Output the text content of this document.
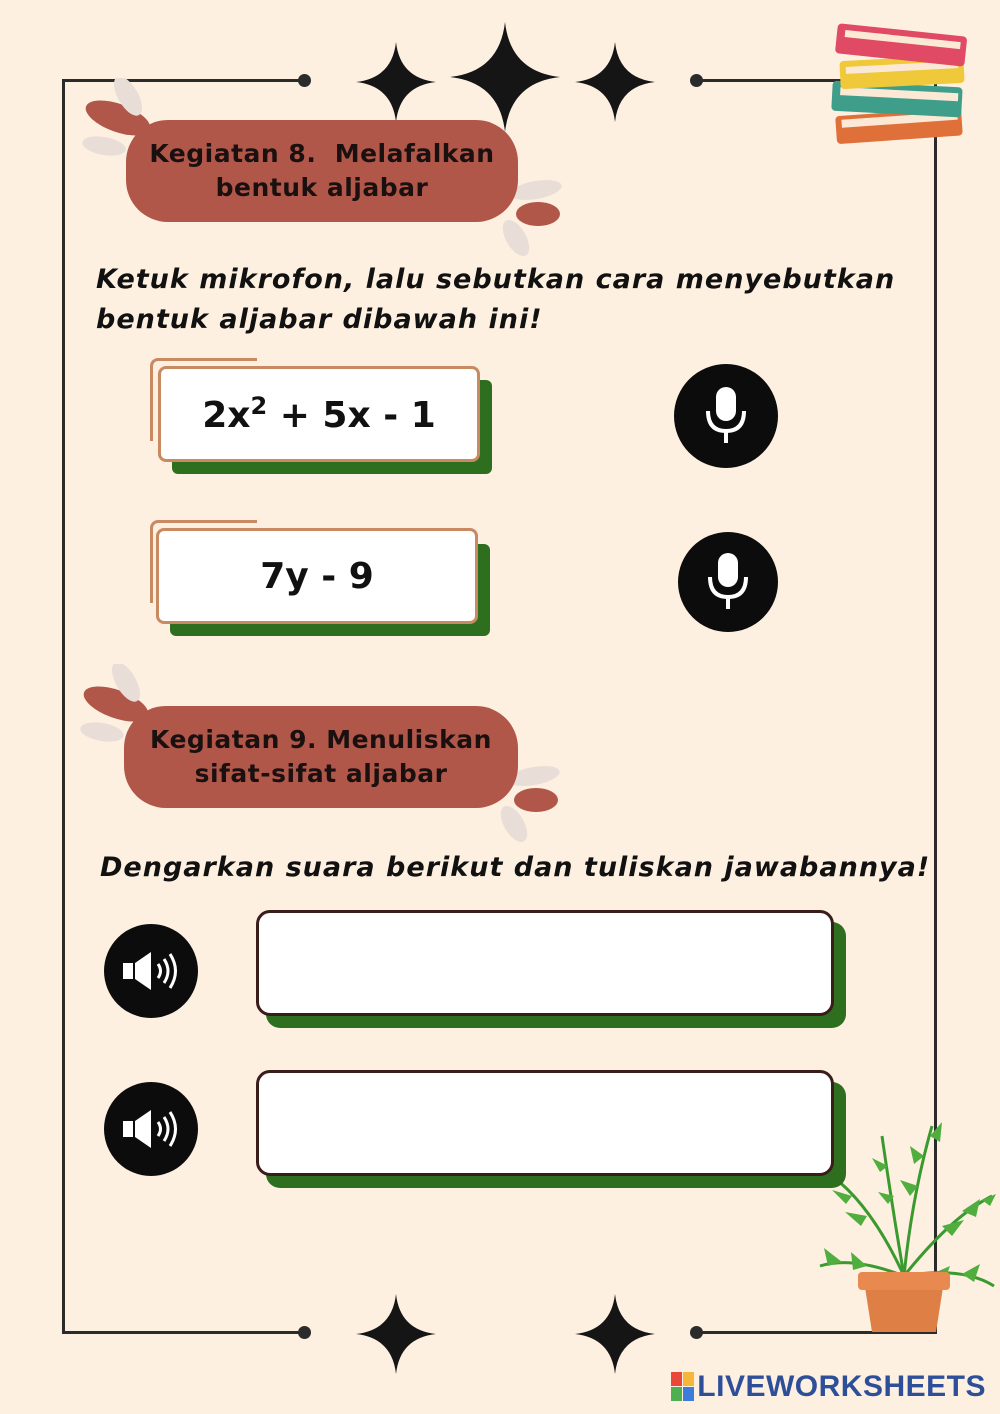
Kegiatan 8.  Melafalkan
bentuk aljabar
Ketuk mikrofon, lalu sebutkan cara menyebutkan
bentuk aljabar dibawah ini!
$2x^2 + 5x - 1$
7y - 9
Kegiatan 9. Menuliskan
sifat-sifat aljabar
Dengarkan suara berikut dan tuliskan jawabannya!
LIVEWORKSHEETS
